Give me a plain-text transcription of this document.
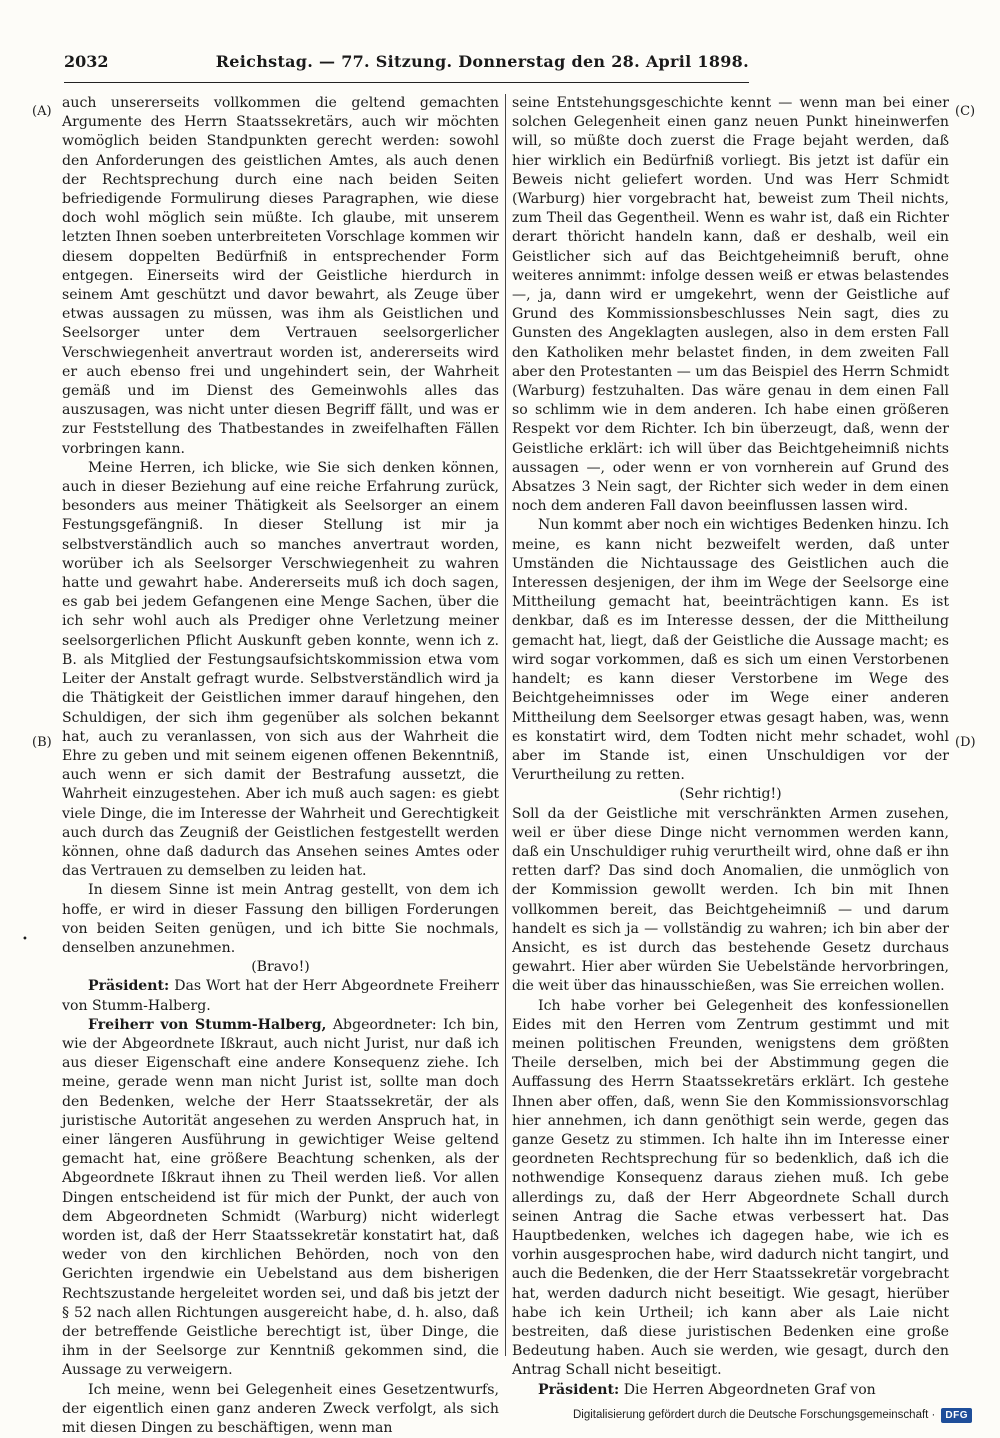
2032	Reichstag. — 77. Sitzung. Donnerstag den 28. April 1898.
(A)
(B)
(C)
(D)
•

auch unsererseits vollkommen die geltend gemachten Argumente des Herrn Staatssekretärs, auch wir möchten womöglich beiden Standpunkten gerecht werden: sowohl den Anforderungen des geistlichen Amtes, als auch denen der Rechtsprechung durch eine nach beiden Seiten befriedigende Formulirung dieses Paragraphen, wie diese doch wohl möglich sein müßte. Ich glaube, mit unserem letzten Ihnen soeben unterbreiteten Vorschlage kommen wir diesem doppelten Bedürfniß in entsprechender Form entgegen. Einerseits wird der Geistliche hierdurch in seinem Amt geschützt und davor bewahrt, als Zeuge über etwas aussagen zu müssen, was ihm als Geistlichen und Seelsorger unter dem Vertrauen seelsorgerlicher Verschwiegenheit anvertraut worden ist, andererseits wird er auch ebenso frei und ungehindert sein, der Wahrheit gemäß und im Dienst des Gemeinwohls alles das auszusagen, was nicht unter diesen Begriff fällt, und was er zur Feststellung des Thatbestandes in zweifelhaften Fällen vorbringen kann.

Meine Herren, ich blicke, wie Sie sich denken können, auch in dieser Beziehung auf eine reiche Erfahrung zurück, besonders aus meiner Thätigkeit als Seelsorger an einem Festungsgefängniß. In dieser Stellung ist mir ja selbstverständlich auch so manches anvertraut worden, worüber ich als Seelsorger Verschwiegenheit zu wahren hatte und gewahrt habe. Andererseits muß ich doch sagen, es gab bei jedem Gefangenen eine Menge Sachen, über die ich sehr wohl auch als Prediger ohne Verletzung meiner seelsorgerlichen Pflicht Auskunft geben konnte, wenn ich z. B. als Mitglied der Festungsaufsichtskommission etwa vom Leiter der Anstalt gefragt wurde. Selbstverständlich wird ja die Thätigkeit der Geistlichen immer darauf hingehen, den Schuldigen, der sich ihm gegenüber als solchen bekannt hat, auch zu veranlassen, von sich aus der Wahrheit die Ehre zu geben und mit seinem eigenen offenen Bekenntniß, auch wenn er sich damit der Bestrafung aussetzt, die Wahrheit einzugestehen. Aber ich muß auch sagen: es giebt viele Dinge, die im Interesse der Wahrheit und Gerechtigkeit auch durch das Zeugniß der Geistlichen festgestellt werden können, ohne daß dadurch das Ansehen seines Amtes oder das Vertrauen zu demselben zu leiden hat.

In diesem Sinne ist mein Antrag gestellt, von dem ich hoffe, er wird in dieser Fassung den billigen Forderungen von beiden Seiten genügen, und ich bitte Sie nochmals, denselben anzunehmen.

(Bravo!)

Präsident: Das Wort hat der Herr Abgeordnete Freiherr von Stumm-Halberg.

Freiherr von Stumm-Halberg, Abgeordneter: Ich bin, wie der Abgeordnete Ißkraut, auch nicht Jurist, nur daß ich aus dieser Eigenschaft eine andere Konsequenz ziehe. Ich meine, gerade wenn man nicht Jurist ist, sollte man doch den Bedenken, welche der Herr Staatssekretär, der als juristische Autorität angesehen zu werden Anspruch hat, in einer längeren Ausführung in gewichtiger Weise geltend gemacht hat, eine größere Beachtung schenken, als der Abgeordnete Ißkraut ihnen zu Theil werden ließ. Vor allen Dingen entscheidend ist für mich der Punkt, der auch von dem Abgeordneten Schmidt (Warburg) nicht widerlegt worden ist, daß der Herr Staatssekretär konstatirt hat, daß weder von den kirchlichen Behörden, noch von den Gerichten irgendwie ein Uebelstand aus dem bisherigen Rechtszustande hergeleitet worden sei, und daß bis jetzt der § 52 nach allen Richtungen ausgereicht habe, d. h. also, daß der betreffende Geistliche berechtigt ist, über Dinge, die ihm in der Seelsorge zur Kenntniß gekommen sind, die Aussage zu verweigern.

Ich meine, wenn bei Gelegenheit eines Gesetzentwurfs, der eigentlich einen ganz anderen Zweck verfolgt, als sich mit diesen Dingen zu beschäftigen, wenn man

seine Entstehungsgeschichte kennt — wenn man bei einer solchen Gelegenheit einen ganz neuen Punkt hineinwerfen will, so müßte doch zuerst die Frage bejaht werden, daß hier wirklich ein Bedürfniß vorliegt. Bis jetzt ist dafür ein Beweis nicht geliefert worden. Und was Herr Schmidt (Warburg) hier vorgebracht hat, beweist zum Theil nichts, zum Theil das Gegentheil. Wenn es wahr ist, daß ein Richter derart thöricht handeln kann, daß er deshalb, weil ein Geistlicher sich auf das Beichtgeheimniß beruft, ohne weiteres annimmt: infolge dessen weiß er etwas belastendes —, ja, dann wird er umgekehrt, wenn der Geistliche auf Grund des Kommissionsbeschlusses Nein sagt, dies zu Gunsten des Angeklagten auslegen, also in dem ersten Fall den Katholiken mehr belastet finden, in dem zweiten Fall aber den Protestanten — um das Beispiel des Herrn Schmidt (Warburg) festzuhalten. Das wäre genau in dem einen Fall so schlimm wie in dem anderen. Ich habe einen größeren Respekt vor dem Richter. Ich bin überzeugt, daß, wenn der Geistliche erklärt: ich will über das Beichtgeheimniß nichts aussagen —, oder wenn er von vornherein auf Grund des Absatzes 3 Nein sagt, der Richter sich weder in dem einen noch dem anderen Fall davon beeinflussen lassen wird.

Nun kommt aber noch ein wichtiges Bedenken hinzu. Ich meine, es kann nicht bezweifelt werden, daß unter Umständen die Nichtaussage des Geistlichen auch die Interessen desjenigen, der ihm im Wege der Seelsorge eine Mittheilung gemacht hat, beeinträchtigen kann. Es ist denkbar, daß es im Interesse dessen, der die Mittheilung gemacht hat, liegt, daß der Geistliche die Aussage macht; es wird sogar vorkommen, daß es sich um einen Verstorbenen handelt; es kann dieser Verstorbene im Wege des Beichtgeheimnisses oder im Wege einer anderen Mittheilung dem Seelsorger etwas gesagt haben, was, wenn es konstatirt wird, dem Todten nicht mehr schadet, wohl aber im Stande ist, einen Unschuldigen vor der Verurtheilung zu retten.

(Sehr richtig!)

Soll da der Geistliche mit verschränkten Armen zusehen, weil er über diese Dinge nicht vernommen werden kann, daß ein Unschuldiger ruhig verurtheilt wird, ohne daß er ihn retten darf? Das sind doch Anomalien, die unmöglich von der Kommission gewollt werden. Ich bin mit Ihnen vollkommen bereit, das Beichtgeheimniß — und darum handelt es sich ja — vollständig zu wahren; ich bin aber der Ansicht, es ist durch das bestehende Gesetz durchaus gewahrt. Hier aber würden Sie Uebelstände hervorbringen, die weit über das hinausschießen, was Sie erreichen wollen.

Ich habe vorher bei Gelegenheit des konfessionellen Eides mit den Herren vom Zentrum gestimmt und mit meinen politischen Freunden, wenigstens dem größten Theile derselben, mich bei der Abstimmung gegen die Auffassung des Herrn Staatssekretärs erklärt. Ich gestehe Ihnen aber offen, daß, wenn Sie den Kommissionsvorschlag hier annehmen, ich dann genöthigt sein werde, gegen das ganze Gesetz zu stimmen. Ich halte ihn im Interesse einer geordneten Rechtsprechung für so bedenklich, daß ich die nothwendige Konsequenz daraus ziehen muß. Ich gebe allerdings zu, daß der Herr Abgeordnete Schall durch seinen Antrag die Sache etwas verbessert hat. Das Hauptbedenken, welches ich dagegen habe, wie ich es vorhin ausgesprochen habe, wird dadurch nicht tangirt, und auch die Bedenken, die der Herr Staatssekretär vorgebracht hat, werden dadurch nicht beseitigt. Wie gesagt, hierüber habe ich kein Urtheil; ich kann aber als Laie nicht bestreiten, daß diese juristischen Bedenken eine große Bedeutung haben. Auch sie werden, wie gesagt, durch den Antrag Schall nicht beseitigt.

Präsident: Die Herren Abgeordneten Graf von

Digitalisierung gefördert durch die Deutsche Forschungsgemeinschaft ·	DFG
